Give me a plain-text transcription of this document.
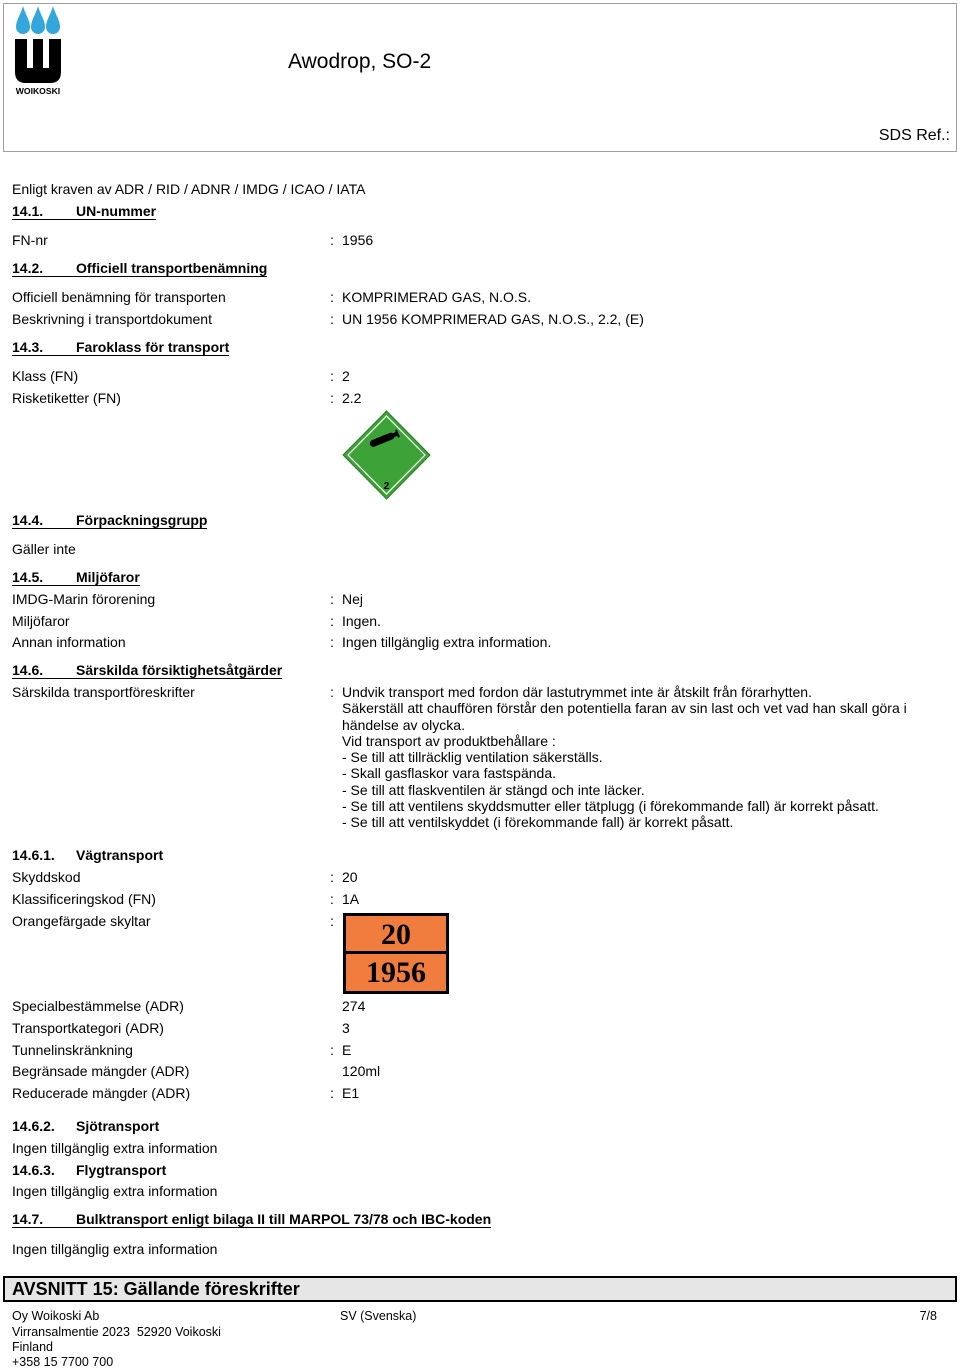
WOIKOSKI
Awodrop, SO-2
SDS Ref.:
Enligt kraven av ADR / RID / ADNR / IMDG / ICAO / IATA
14.1.	UN-nummer
FN-nr	: 1956
14.2.	Officiell transportbenämning
Officiell benämning för transporten	: KOMPRIMERAD GAS, N.O.S.
Beskrivning i transportdokument	: UN 1956 KOMPRIMERAD GAS, N.O.S., 2.2, (E)
14.3.	Faroklass för transport
Klass (FN)	: 2
Risketiketter (FN)	: 2.2
2
14.4.	Förpackningsgrupp
Gäller inte
14.5.	Miljöfaror
IMDG-Marin förorening	: Nej
Miljöfaror	: Ingen.
Annan information	: Ingen tillgänglig extra information.
14.6.	Särskilda försiktighetsåtgärder
Särskilda transportföreskrifter	: Undvik transport med fordon där lastutrymmet inte är åtskilt från förarhytten.
Säkerställ att chauffören förstår den potentiella faran av sin last och vet vad han skall göra i
händelse av olycka.
Vid transport av produktbehållare :
- Se till att tillräcklig ventilation säkerställs.
- Skall gasflaskor vara fastspända.
- Se till att flaskventilen är stängd och inte läcker.
- Se till att ventilens skyddsmutter eller tätplugg (i förekommande fall) är korrekt påsatt.
- Se till att ventilskyddet (i förekommande fall) är korrekt påsatt.
14.6.1.	Vägtransport
Skyddskod	: 20
Klassificeringskod (FN)	: 1A
Orangefärgade skyltar	:	20
1956
Specialbestämmelse (ADR)	274
Transportkategori (ADR)	3
Tunnelinskränkning	: E
Begränsade mängder (ADR)	120ml
Reducerade mängder (ADR)	: E1
14.6.2.	Sjötransport
Ingen tillgänglig extra information
14.6.3.	Flygtransport
Ingen tillgänglig extra information
14.7.	Bulktransport enligt bilaga II till MARPOL 73/78 och IBC-koden
Ingen tillgänglig extra information
AVSNITT 15: Gällande föreskrifter
Oy Woikoski Ab
Virransalmentie 2023  52920 Voikoski
Finland
+358 15 7700 700
SV (Svenska)	7/8
